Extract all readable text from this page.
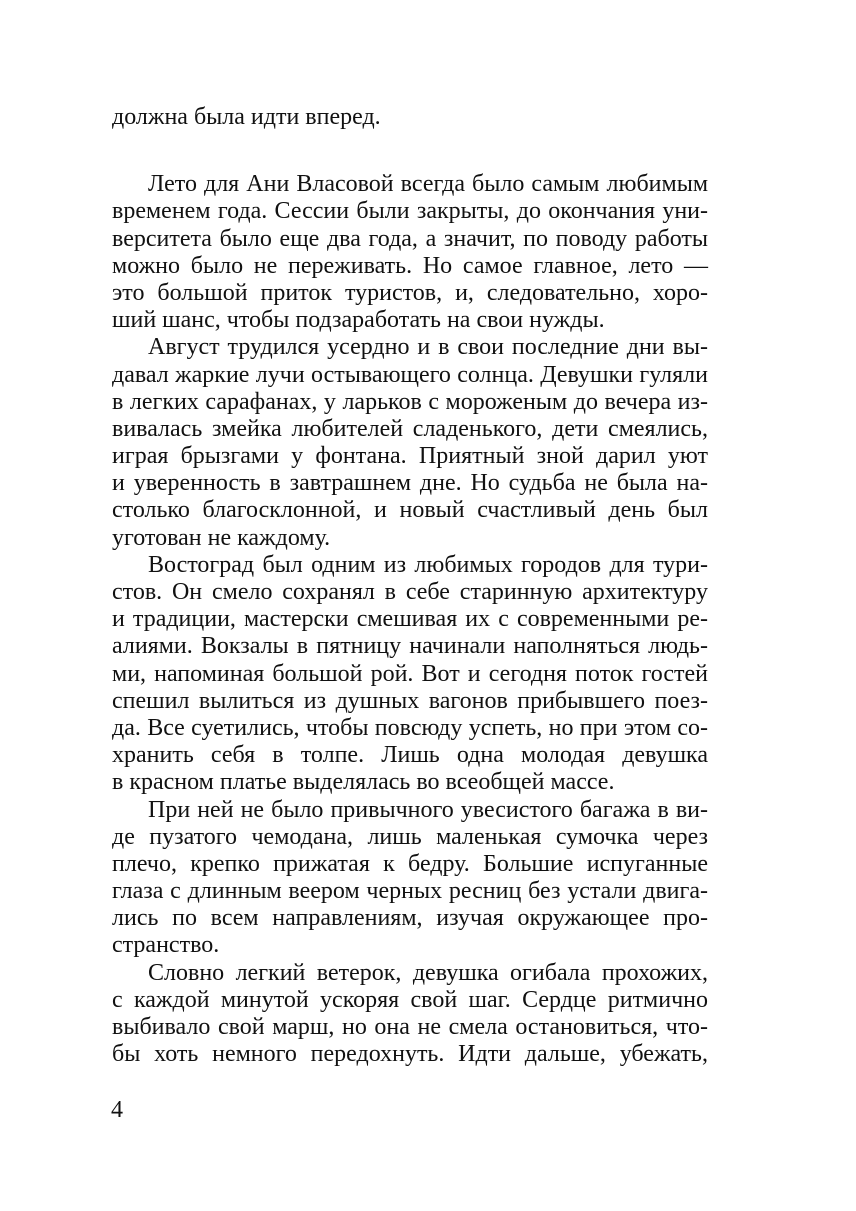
должна была идти вперед.
Лето для Ани Власовой всегда было самым любимым
временем года. Сессии были закрыты, до окончания уни-
верситета было еще два года, а значит, по поводу работы
можно было не переживать. Но самое главное, лето —
это большой приток туристов, и, следовательно, хоро-
ший шанс, чтобы подзаработать на свои нужды.
Август трудился усердно и в свои последние дни вы-
давал жаркие лучи остывающего солнца. Девушки гуляли
в легких сарафанах, у ларьков с мороженым до вечера из-
вивалась змейка любителей сладенького, дети смеялись,
играя брызгами у фонтана. Приятный зной дарил уют
и уверенность в завтрашнем дне. Но судьба не была на-
столько благосклонной, и новый счастливый день был
уготован не каждому.
Востоград был одним из любимых городов для тури-
стов. Он смело сохранял в себе старинную архитектуру
и традиции, мастерски смешивая их с современными ре-
алиями. Вокзалы в пятницу начинали наполняться людь-
ми, напоминая большой рой. Вот и сегодня поток гостей
спешил вылиться из душных вагонов прибывшего поез-
да. Все суетились, чтобы повсюду успеть, но при этом со-
хранить себя в толпе. Лишь одна молодая девушка
в красном платье выделялась во всеобщей массе.
При ней не было привычного увесистого багажа в ви-
де пузатого чемодана, лишь маленькая сумочка через
плечо, крепко прижатая к бедру. Большие испуганные
глаза с длинным веером черных ресниц без устали двига-
лись по всем направлениям, изучая окружающее про-
странство.
Словно легкий ветерок, девушка огибала прохожих,
с каждой минутой ускоряя свой шаг. Сердце ритмично
выбивало свой марш, но она не смела остановиться, что-
бы хоть немного передохнуть. Идти дальше, убежать,
4
